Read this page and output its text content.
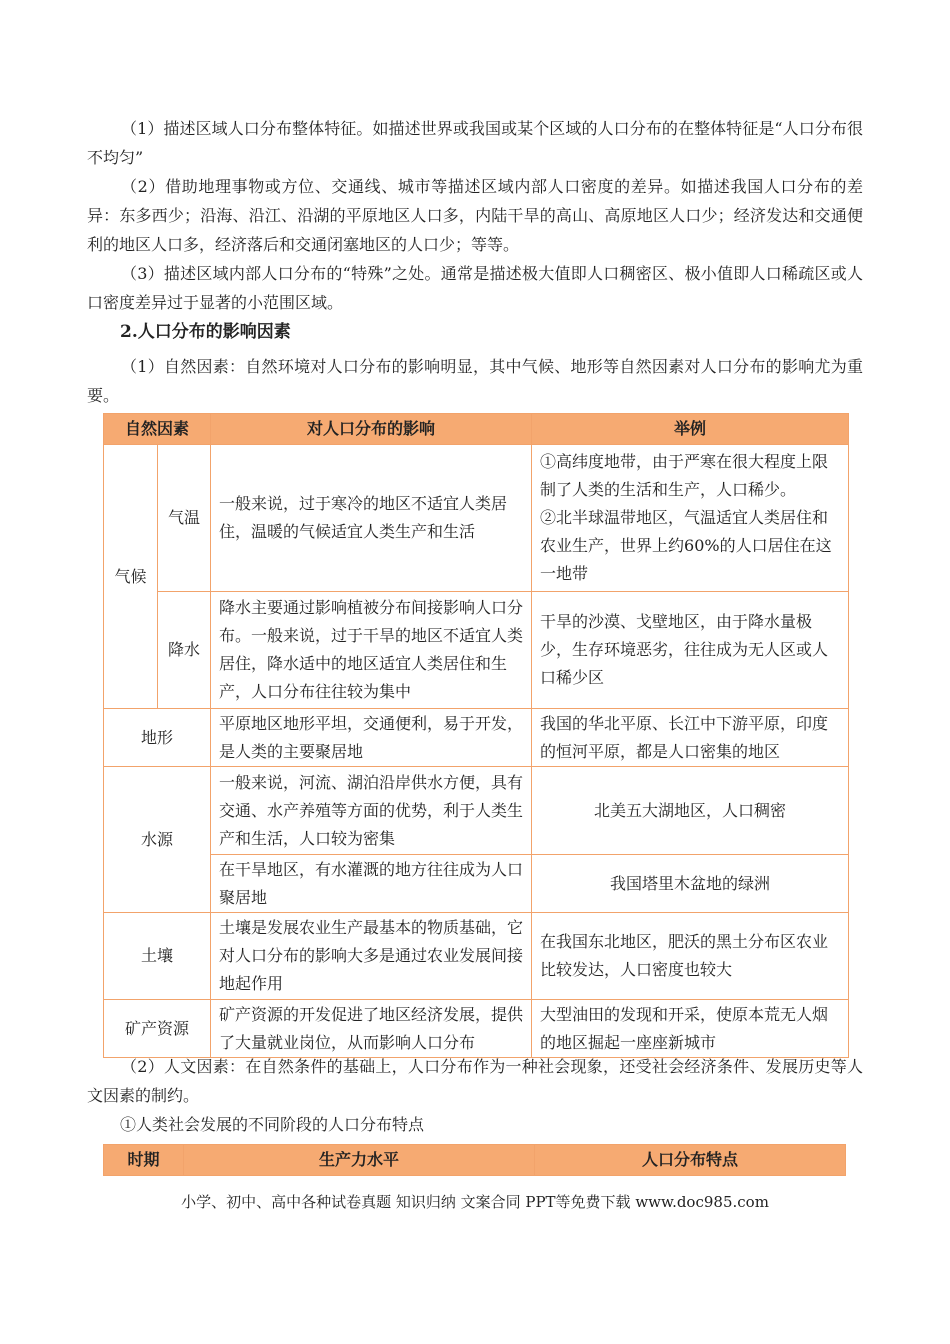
（1）描述区域人口分布整体特征。如描述世界或我国或某个区域的人口分布的在整体特征是“人口分布很不均匀”

（2）借助地理事物或方位、交通线、城市等描述区域内部人口密度的差异。如描述我国人口分布的差异：东多西少；沿海、沿江、沿湖的平原地区人口多，内陆干旱的高山、高原地区人口少；经济发达和交通便利的地区人口多，经济落后和交通闭塞地区的人口少；等等。

（3）描述区域内部人口分布的“特殊”之处。通常是描述极大值即人口稠密区、极小值即人口稀疏区或人口密度差异过于显著的小范围区域。

2.人口分布的影响因素

（1）自然因素：自然环境对人口分布的影响明显，其中气候、地形等自然因素对人口分布的影响尤为重要。

自然因素		对人口分布的影响	举例
气候	气温	一般来说，过于寒冷的地区不适宜人类居住，温暖的气候适宜人类生产和生活	①高纬度地带，由于严寒在很大程度上限制了人类的生活和生产，人口稀少。
②北半球温带地区，气温适宜人类居住和农业生产，世界上约60%的人口居住在这一地带

	降水	降水主要通过影响植被分布间接影响人口分布。一般来说，过于干旱的地区不适宜人类居住，降水适中的地区适宜人类居住和生产，人口分布往往较为集中	干旱的沙漠、戈壁地区，由于降水量极少，生存环境恶劣，往往成为无人区或人口稀少区
地形		平原地区地形平坦，交通便利，易于开发，是人类的主要聚居地	我国的华北平原、长江中下游平原，印度的恒河平原，都是人口密集的地区
水源		一般来说，河流、湖泊沿岸供水方便，具有交通、水产养殖等方面的优势，利于人类生产和生活，人口较为密集	北美五大湖地区，人口稠密
		在干旱地区，有水灌溉的地方往往成为人口聚居地	我国塔里木盆地的绿洲
土壤		土壤是发展农业生产最基本的物质基础，它对人口分布的影响大多是通过农业发展间接地起作用	在我国东北地区，肥沃的黑土分布区农业比较发达，人口密度也较大
矿产资源		矿产资源的开发促进了地区经济发展，提供了大量就业岗位，从而影响人口分布	大型油田的发现和开采，使原本荒无人烟的地区掘起一座座新城市

（2）人文因素：在自然条件的基础上，人口分布作为一种社会现象，还受社会经济条件、发展历史等人文因素的制约。

①人类社会发展的不同阶段的人口分布特点

时期	生产力水平	人口分布特点
小学、初中、高中各种试卷真题 知识归纳 文案合同 PPT等免费下载 www.doc985.com
